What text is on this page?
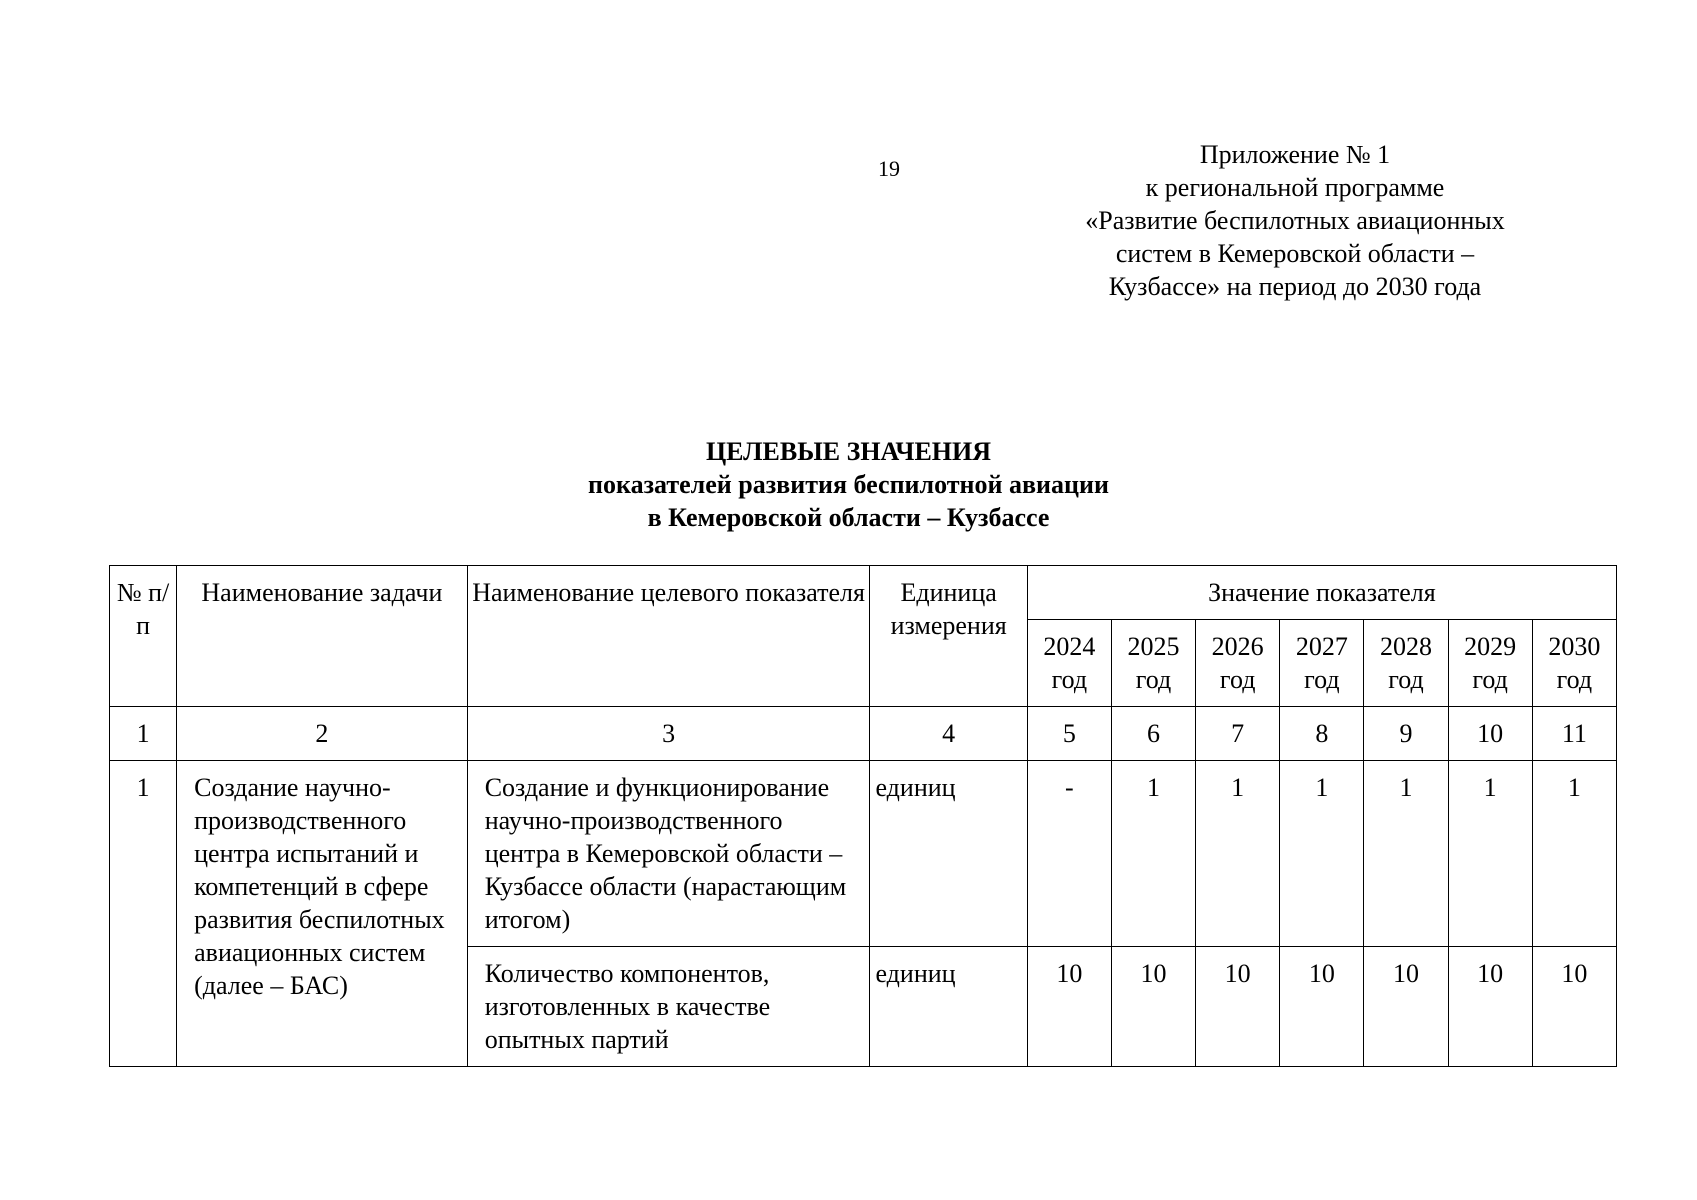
19	Приложение № 1
к региональной программе
«Развитие беспилотных авиационных
систем в Кемеровской области –
Кузбассе» на период до 2030 года
ЦЕЛЕВЫЕ ЗНАЧЕНИЯ
показателей развития беспилотной авиации
в Кемеровской области – Кузбассе
№ п/п	Наименование задачи	Наименование целевого показателя	Единица измерения	Значение показателя						
				2024 год	2025 год	2026 год	2027 год	2028 год	2029 год	2030 год
1	2	3	4	5	6	7	8	9	10	11
1	Создание научно-производственного центра испытаний и компетенций в сфере развития беспилотных авиационных систем (далее – БАС)	Создание и функционирование научно-производственного центра в Кемеровской области – Кузбассе области (нарастающим итогом)	единиц	-	1	1	1	1	1	1
		Количество компонентов, изготовленных в качестве опытных партий	единиц	10	10	10	10	10	10	10
